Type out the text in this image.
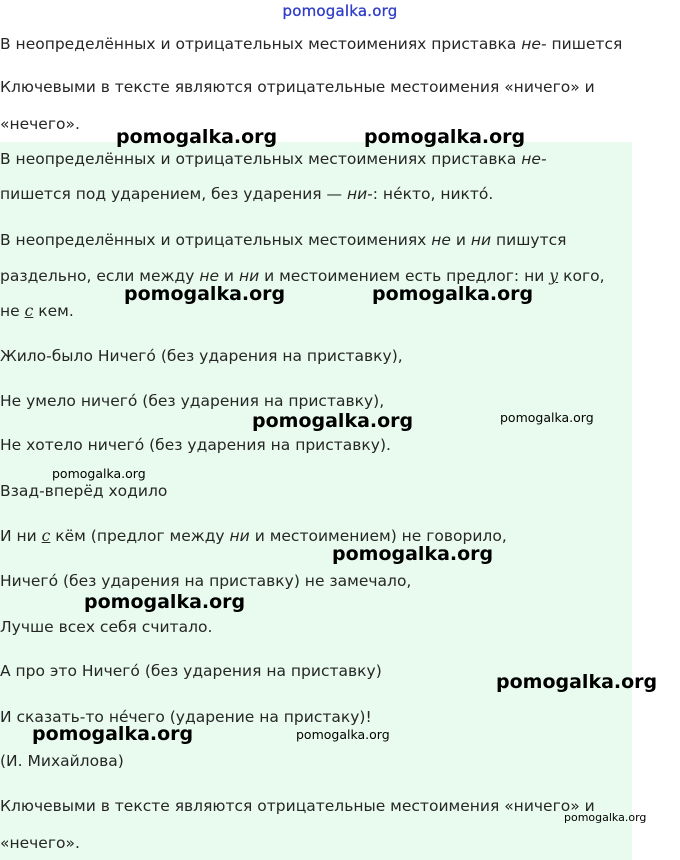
pomogalka.org
В неопределённых и отрицательных местоимениях приставка не- пишется
Ключевыми в тексте являются отрицательные местоимения «ничего» и
«нечего».
В неопределённых и отрицательных местоимениях приставка не-
пишется под ударением, без ударения — ни-: не́кто, никто́.
В неопределённых и отрицательных местоимениях не и ни пишутся
раздельно, если между не и ни и местоимением есть предлог: ни у кого,
не с кем.
Жило-было Ничего́ (без ударения на приставку),
Не умело ничего́ (без ударения на приставку),
Не хотело ничего́ (без ударения на приставку).
Взад-вперёд ходило
И ни с кём (предлог между ни и местоимением) не говорило,
Ничего́ (без ударения на приставку) не замечало,
Лучше всех себя считало.
А про это Ничего́ (без ударения на приставку)
И сказать-то не́чего (ударение на пристаку)!
(И. Михайлова)
Ключевыми в тексте являются отрицательные местоимения «ничего» и
«нечего».
pomogalka.org	pomogalka.org
pomogalka.org	pomogalka.org
pomogalka.org	pomogalka.org
pomogalka.org
pomogalka.org
pomogalka.org
pomogalka.org
pomogalka.org	pomogalka.org
pomogalka.org
